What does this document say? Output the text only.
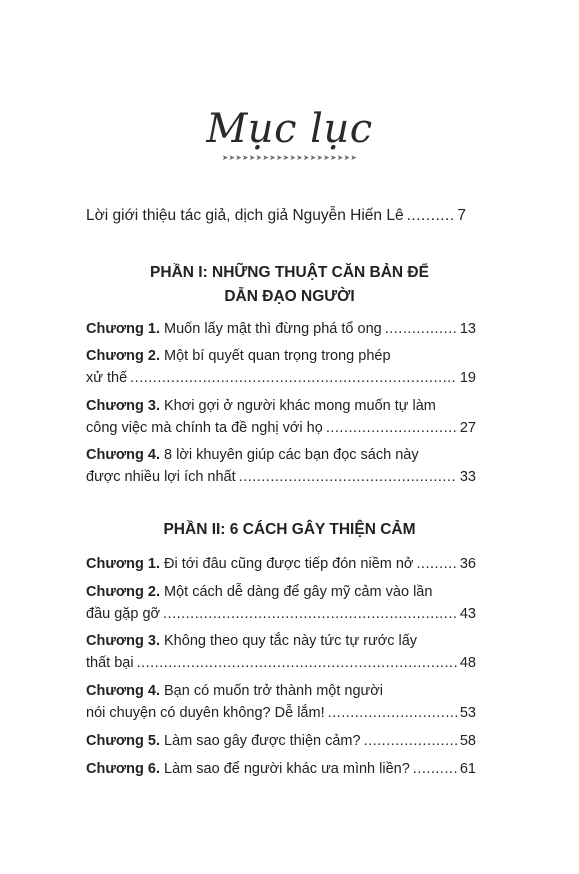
Mục lục
➤➤➤➤➤➤➤➤➤➤➤➤➤➤➤➤➤➤➤➤
Lời giới thiệu tác giả, dịch giả Nguyễn Hiến Lê .....	7
PHẦN I: NHỮNG THUẬT CĂN BẢN ĐỂ
DẪN ĐẠO NGƯỜI
Chương 1. Muốn lấy mật thì đừng phá tổ ong .....	13
Chương 2. Một bí quyết quan trọng trong phép
xử thế .....	19
Chương 3. Khơi gợi ở người khác mong muốn tự làm
công việc mà chính ta đề nghị với họ .....	27
Chương 4. 8 lời khuyên giúp các bạn đọc sách này
được nhiều lợi ích nhất .....	33
PHẦN II: 6 CÁCH GÂY THIỆN CẢM
Chương 1. Đi tới đâu cũng được tiếp đón niềm nở .....	36
Chương 2. Một cách dễ dàng để gây mỹ cảm vào lần
đầu gặp gỡ .....	43
Chương 3. Không theo quy tắc này tức tự rước lấy
thất bại .....	48
Chương 4. Bạn có muốn trở thành một người
nói chuyện có duyên không? Dễ lắm! .....	53
Chương 5. Làm sao gây được thiện cảm? .....	58
Chương 6. Làm sao để người khác ưa mình liền? .....	61
